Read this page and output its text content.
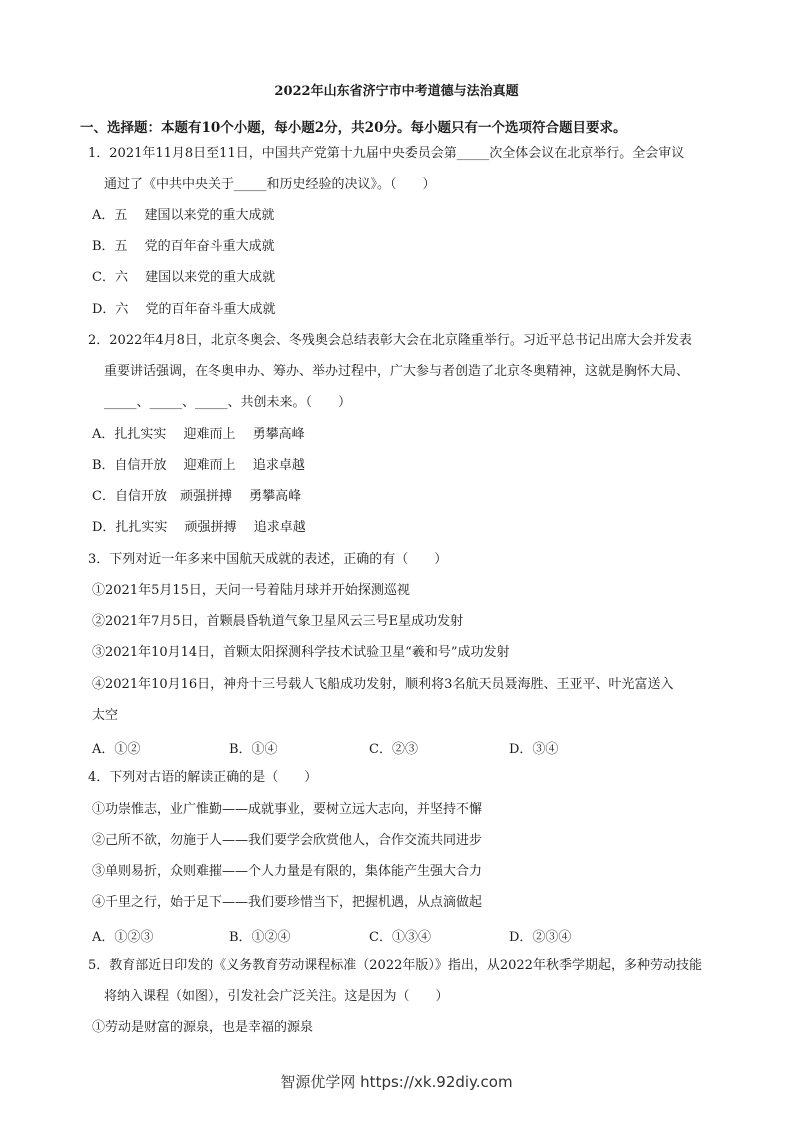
2022年山东省济宁市中考道德与法治真题
一、选择题：本题有10个小题，每小题2分，共20分。每小题只有一个选项符合题目要求。
1．2021年11月8日至11日，中国共产党第十九届中央委员会第_____次全体会议在北京举行。全会审议
通过了《中共中央关于_____和历史经验的决议》。（　　）
A．五　 建国以来党的重大成就
B．五　 党的百年奋斗重大成就
C．六　 建国以来党的重大成就
D．六　 党的百年奋斗重大成就
2．2022年4月8日，北京冬奥会、冬残奥会总结表彰大会在北京隆重举行。习近平总书记出席大会并发表
重要讲话强调，在冬奥申办、筹办、举办过程中，广大参与者创造了北京冬奥精神，这就是胸怀大局、
_____、_____、_____、共创未来。（　　）
A．扎扎实实　 迎难而上　 勇攀高峰
B．自信开放　 迎难而上　 追求卓越
C．自信开放　顽强拼搏　 勇攀高峰
D．扎扎实实　 顽强拼搏　 追求卓越
3．下列对近一年多来中国航天成就的表述，正确的有（　　）
①2021年5月15日，天问一号着陆月球并开始探测巡视
②2021年7月5日，首颗晨昏轨道气象卫星风云三号E星成功发射
③2021年10月14日，首颗太阳探测科学技术试验卫星“羲和号”成功发射
④2021年10月16日，神舟十三号载人飞船成功发射，顺利将3名航天员聂海胜、王亚平、叶光富送入
太空
A．①②	B．①④	C．②③	D．③④
4．下列对古语的解读正确的是（　　）
①功崇惟志，业广惟勤——成就事业，要树立远大志向，并坚持不懈
②己所不欲，勿施于人——我们要学会欣赏他人，合作交流共同进步
③单则易折，众则难摧——个人力量是有限的，集体能产生强大合力
④千里之行，始于足下——我们要珍惜当下，把握机遇，从点滴做起
A．①②③	B．①②④	C．①③④	D．②③④
5．教育部近日印发的《义务教育劳动课程标准（2022年版）》指出，从2022年秋季学期起，多种劳动技能
将纳入课程（如图），引发社会广泛关注。这是因为（　　）
①劳动是财富的源泉，也是幸福的源泉
智源优学网 https://xk.92diy.com
